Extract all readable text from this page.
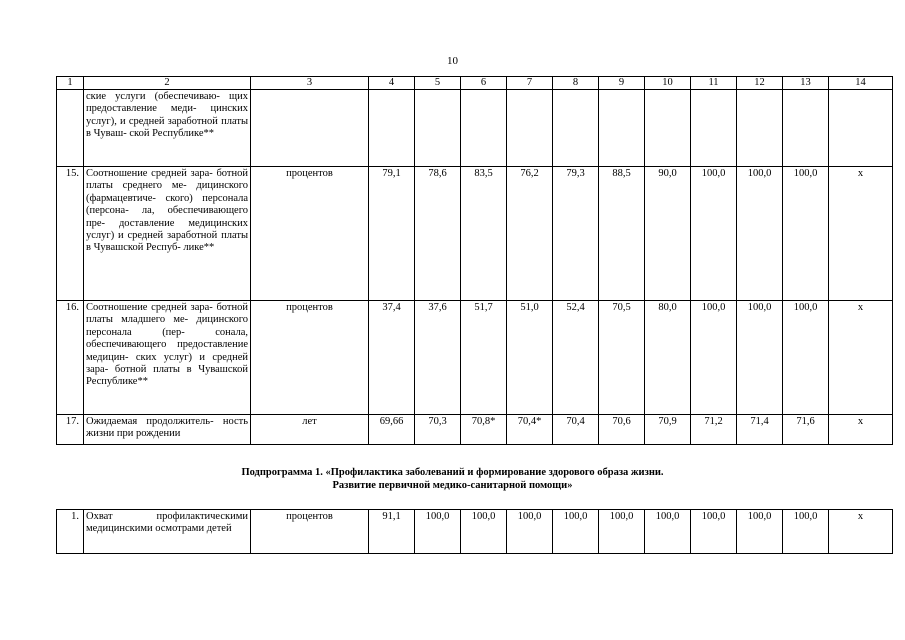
10
1	2	3	4	5	6	7	8	9	10	11	12	13	14
	ские услуги (обеспечиваю- щих предоставление меди- цинских услуг), и средней заработной платы в Чуваш- ской Республике**												
15.	Соотношение средней зара- ботной платы среднего ме- дицинского (фармацевтиче- ского) персонала (персона- ла, обеспечивающего пре- доставление медицинских услуг) и средней заработной платы в Чувашской Респуб- лике**	процентов	79,1	78,6	83,5	76,2	79,3	88,5	90,0	100,0	100,0	100,0	x
16.	Соотношение средней зара- ботной платы младшего ме- дицинского персонала (пер- сонала, обеспечивающего предоставление медицин- ских услуг) и средней зара- ботной платы в Чувашской Республике**	процентов	37,4	37,6	51,7	51,0	52,4	70,5	80,0	100,0	100,0	100,0	x
17.	Ожидаемая продолжитель- ность жизни при рождении	лет	69,66	70,3	70,8*	70,4*	70,4	70,6	70,9	71,2	71,4	71,6	x
Подпрограмма 1. «Профилактика заболеваний и формирование здорового образа жизни.
Развитие первичной медико-санитарной помощи»
1.	Охват профилактическими медицинскими осмотрами детей	процентов	91,1	100,0	100,0	100,0	100,0	100,0	100,0	100,0	100,0	100,0	x
